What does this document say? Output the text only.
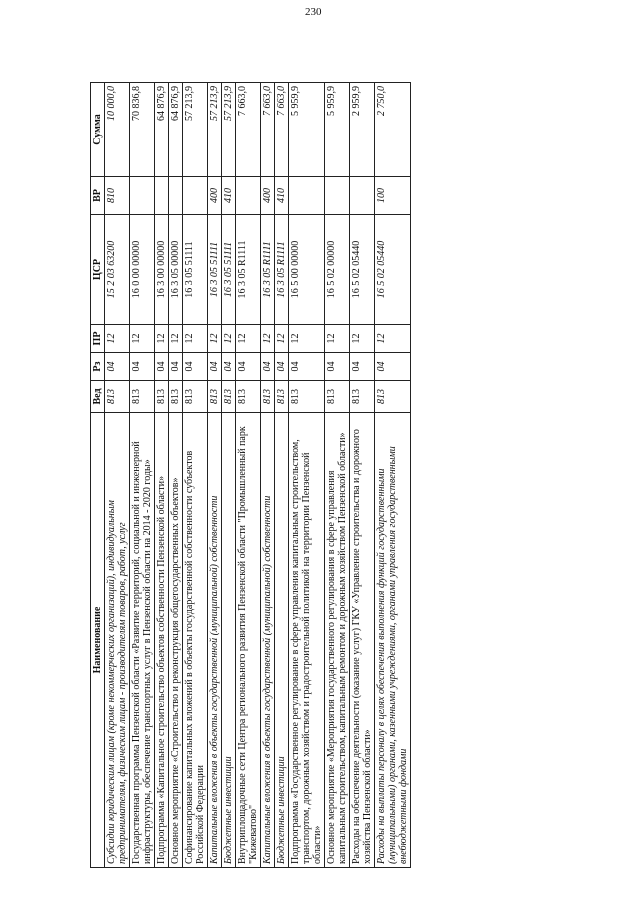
230
Наименование	Вед	Рз	ПР	ЦСР	ВР	Сумма
Субсидии юридическим лицам (кроме некоммерческих организаций), индивидуальным предпринимателям, физическим лицам - производителям товаров, работ, услуг	813	04	12	15 2 03 63200	810	10 000,0
Государственная программа Пензенской области «Развитие территорий, социальной и инженерной инфраструктуры, обеспечение транспортных услуг в Пензенской области на 2014 - 2020 годы»	813	04	12	16 0 00 00000		70 836,8
Подпрограмма «Капитальное строительство объектов собственности Пензенской области»	813	04	12	16 3 00 00000		64 876,9
Основное мероприятие «Строительство и реконструкция общегосударственных объектов»	813	04	12	16 3 05 00000		64 876,9
Софинансирование капитальных вложений в объекты государственной собственности субъектов Российской Федерации	813	04	12	16 3 05 51111		57 213,9
Капитальные вложения в объекты государственной (муниципальной) собственности	813	04	12	16 3 05 51111	400	57 213,9
Бюджетные инвестиции	813	04	12	16 3 05 51111	410	57 213,9
Внутриплощадочные сети Центра регионального развития Пензенской области "Промышленный парк "Кижеватово"	813	04	12	16 3 05 R1111		7 663,0
Капитальные вложения в объекты государственной (муниципальной) собственности	813	04	12	16 3 05 R1111	400	7 663,0
Бюджетные инвестиции	813	04	12	16 3 05 R1111	410	7 663,0
Подпрограмма «Государственное регулирование в сфере управления капитальным строительством, транспортом, дорожным хозяйством и градостроительной политикой на территории Пензенской области»	813	04	12	16 5 00 00000		5 959,9
Основное мероприятие «Мероприятия государственного регулирования в сфере управления капитальным строительством, капитальным ремонтом и дорожным хозяйством Пензенской области»	813	04	12	16 5 02 00000		5 959,9
Расходы на обеспечение деятельности (оказание услуг) ГКУ «Управление строительства и дорожного хозяйства Пензенской области»	813	04	12	16 5 02 05440		2 959,9
Расходы на выплаты персоналу в целях обеспечения выполнения функций государственными (муниципальными) органами, казенными учреждениями, органами управления государственными внебюджетными фондами	813	04	12	16 5 02 05440	100	2 750,0
